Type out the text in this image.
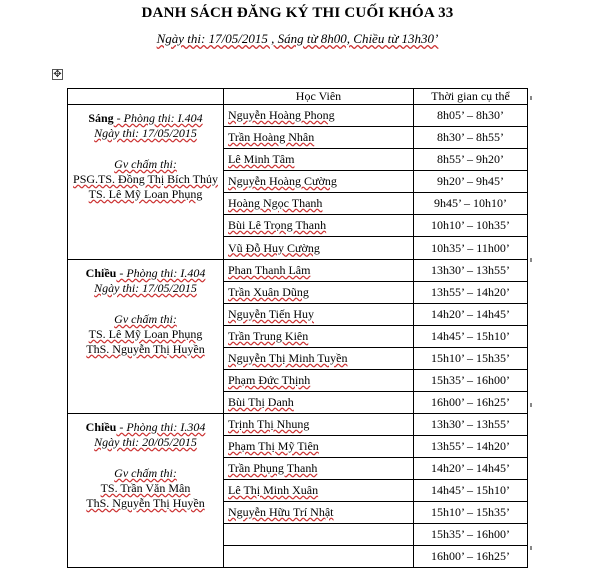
DANH SÁCH ĐĂNG KÝ THI CUỐI KHÓA 33
Ngày thi: 17/05/2015 , Sáng từ 8h00, Chiều từ 13h30’
✥
	Học Viên	Thời gian cụ thể

Sáng - Phòng thi: I.404
Ngày thi: 17/05/2015
Gv chấm thi:
PSG.TS. Đồng Thị Bích Thủy
TS. Lê Mỹ Loan Phụng	Nguyễn Hoàng Phong	8h05’ – 8h30’
	Trần Hoàng Nhân	8h30’ – 8h55’
	Lê Minh Tâm	8h55’ – 9h20’
	Nguyễn Hoàng Cường	9h20’ – 9h45’
	Hoàng Ngọc Thanh	9h45’ – 10h10’
	Bùi Lê Trọng Thanh	10h10’ – 10h35’
	Vũ Đỗ Huy Cường	10h35’ – 11h00’

Chiều - Phòng thi: I.404
Ngày thi: 17/05/2015
Gv chấm thi:
TS. Lê Mỹ Loan Phụng
ThS. Nguyễn Thị Huyền	Phan Thanh Lâm	13h30’ – 13h55’
	Trần Xuân Dũng	13h55’ – 14h20’
	Nguyễn Tiến Huy	14h20’ – 14h45’
	Trần Trung Kiên	14h45’ – 15h10’
	Nguyễn Thị Minh Tuyền	15h10’ – 15h35’
	Phạm Đức Thịnh	15h35’ – 16h00’
	Bùi Thị Danh	16h00’ – 16h25’

Chiều - Phòng thi: I.304
Ngày thi: 20/05/2015
Gv chấm thi:
TS. Trần Văn Mân
ThS. Nguyễn Thị Huyền	Trịnh Thị Nhung	13h30’ – 13h55’
	Phạm Thị Mỹ Tiên	13h55’ – 14h20’
	Trần Phụng Thanh	14h20’ – 14h45’
	Lê Thị Minh Xuân	14h45’ – 15h10’
	Nguyễn Hữu Trí Nhật	15h10’ – 15h35’
		15h35’ – 16h00’
		16h00’ – 16h25’
